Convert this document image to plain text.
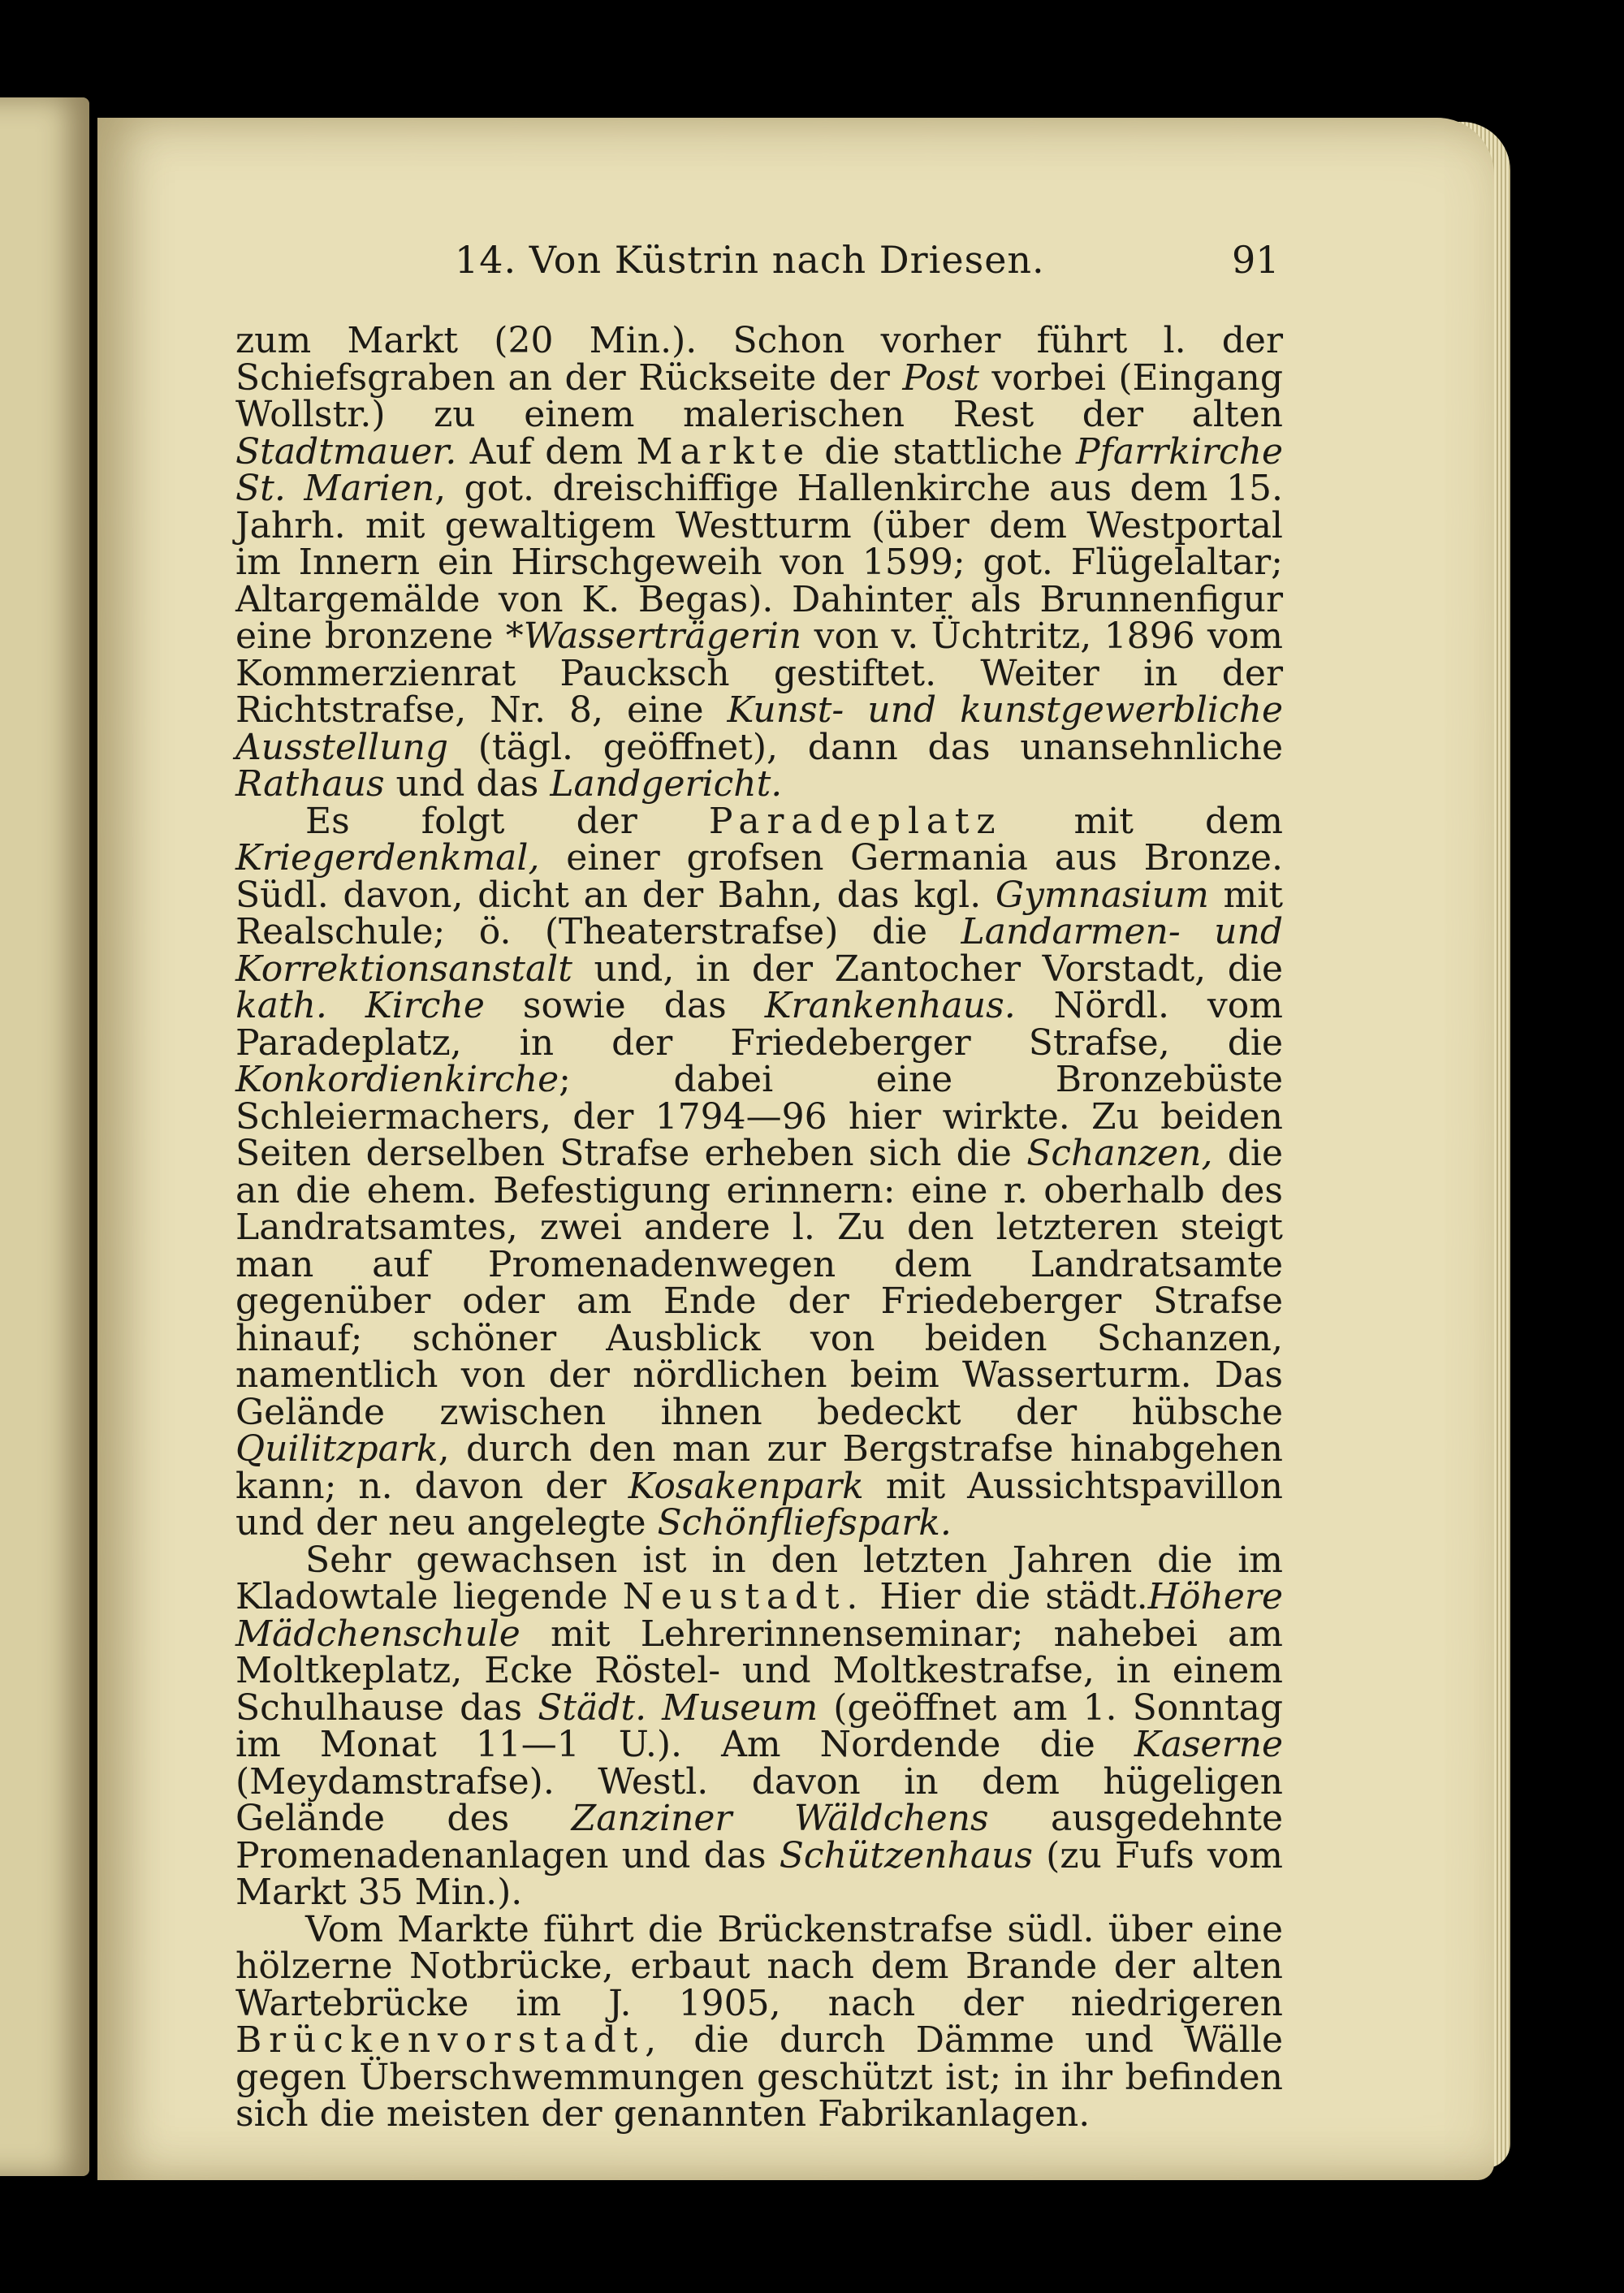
14. Von Küstrin nach Driesen.	91

zum Markt (20 Min.). Schon vorher führt l. der Schiefsgraben an der Rückseite der Post vorbei (Eingang Wollstr.) zu einem malerischen Rest der alten Stadtmauer. Auf dem Markte die stattliche Pfarrkirche St. Marien, got. dreischiffige Hallenkirche aus dem 15. Jahrh. mit gewaltigem Westturm (über dem Westportal im Innern ein Hirschgeweih von 1599; got. Flügelaltar; Altargemälde von K. Begas). Dahinter als Brunnenfigur eine bronzene *Wasserträgerin von v. Üchtritz, 1896 vom Kommerzienrat Paucksch gestiftet. Weiter in der Richtstrafse, Nr. 8, eine Kunst- und kunstgewerbliche Ausstellung (tägl. geöffnet), dann das unansehnliche Rathaus und das Landgericht.

Es folgt der Paradeplatz mit dem Kriegerdenkmal, einer grofsen Germania aus Bronze. Südl. davon, dicht an der Bahn, das kgl. Gymnasium mit Realschule; ö. (Theaterstrafse) die Landarmen- und Korrektionsanstalt und, in der Zantocher Vorstadt, die kath. Kirche sowie das Krankenhaus. Nördl. vom Paradeplatz, in der Friedeberger Strafse, die Konkordienkirche; dabei eine Bronzebüste Schleiermachers, der 1794—96 hier wirkte. Zu beiden Seiten derselben Strafse erheben sich die Schanzen, die an die ehem. Befestigung erinnern: eine r. oberhalb des Landratsamtes, zwei andere l. Zu den letzteren steigt man auf Promenadenwegen dem Landratsamte gegenüber oder am Ende der Friedeberger Strafse hinauf; schöner Ausblick von beiden Schanzen, namentlich von der nördlichen beim Wasserturm. Das Gelände zwischen ihnen bedeckt der hübsche Quilitzpark, durch den man zur Bergstrafse hinabgehen kann; n. davon der Kosakenpark mit Aussichtspavillon und der neu angelegte Schönfliefspark.

Sehr gewachsen ist in den letzten Jahren die im Kladowtale liegende Neustadt. Hier die städt.Höhere Mädchenschule mit Lehrerinnenseminar; nahebei am Moltkeplatz, Ecke Röstel- und Moltkestrafse, in einem Schulhause das Städt. Museum (geöffnet am 1. Sonntag im Monat 11—1 U.). Am Nordende die Kaserne (Meydamstrafse). Westl. davon in dem hügeligen Gelände des Zanziner Wäldchens ausgedehnte Promenadenanlagen und das Schützenhaus (zu Fufs vom Markt 35 Min.).

Vom Markte führt die Brückenstrafse südl. über eine hölzerne Notbrücke, erbaut nach dem Brande der alten Wartebrücke im J. 1905, nach der niedrigeren Brückenvorstadt, die durch Dämme und Wälle gegen Überschwemmungen geschützt ist; in ihr befinden sich die meisten der genannten Fabrikanlagen.
